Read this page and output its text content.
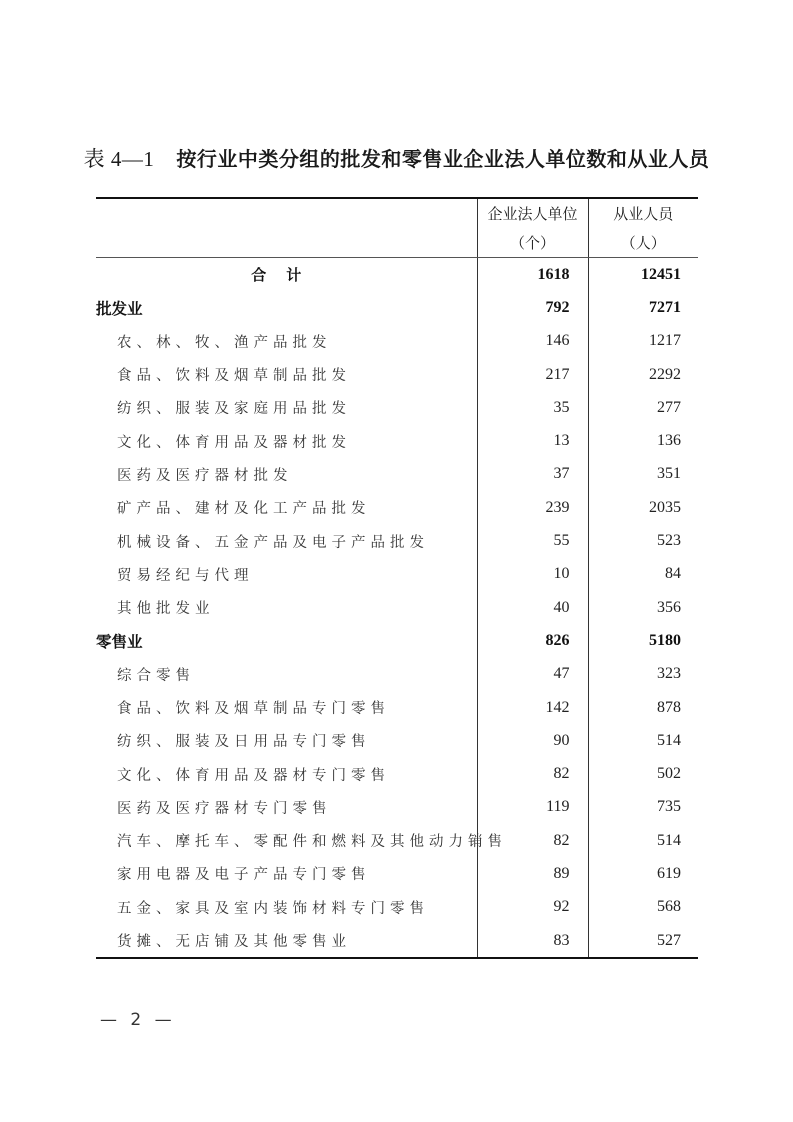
表 4—1 按行业中类分组的批发和零售业企业法人单位数和从业人员
	企业法人单位	从业人员
	（个）	（人）
合计	1618	12451
批发业	792	7271
农、林、牧、渔产品批发	146	1217
食品、饮料及烟草制品批发	217	2292
纺织、服装及家庭用品批发	35	277
文化、体育用品及器材批发	13	136
医药及医疗器材批发	37	351
矿产品、建材及化工产品批发	239	2035
机械设备、五金产品及电子产品批发	55	523
贸易经纪与代理	10	84
其他批发业	40	356
零售业	826	5180
综合零售	47	323
食品、饮料及烟草制品专门零售	142	878
纺织、服装及日用品专门零售	90	514
文化、体育用品及器材专门零售	82	502
医药及医疗器材专门零售	119	735
汽车、摩托车、零配件和燃料及其他动力销售	82	514
家用电器及电子产品专门零售	89	619
五金、家具及室内装饰材料专门零售	92	568
货摊、无店铺及其他零售业	83	527
— 2 —
